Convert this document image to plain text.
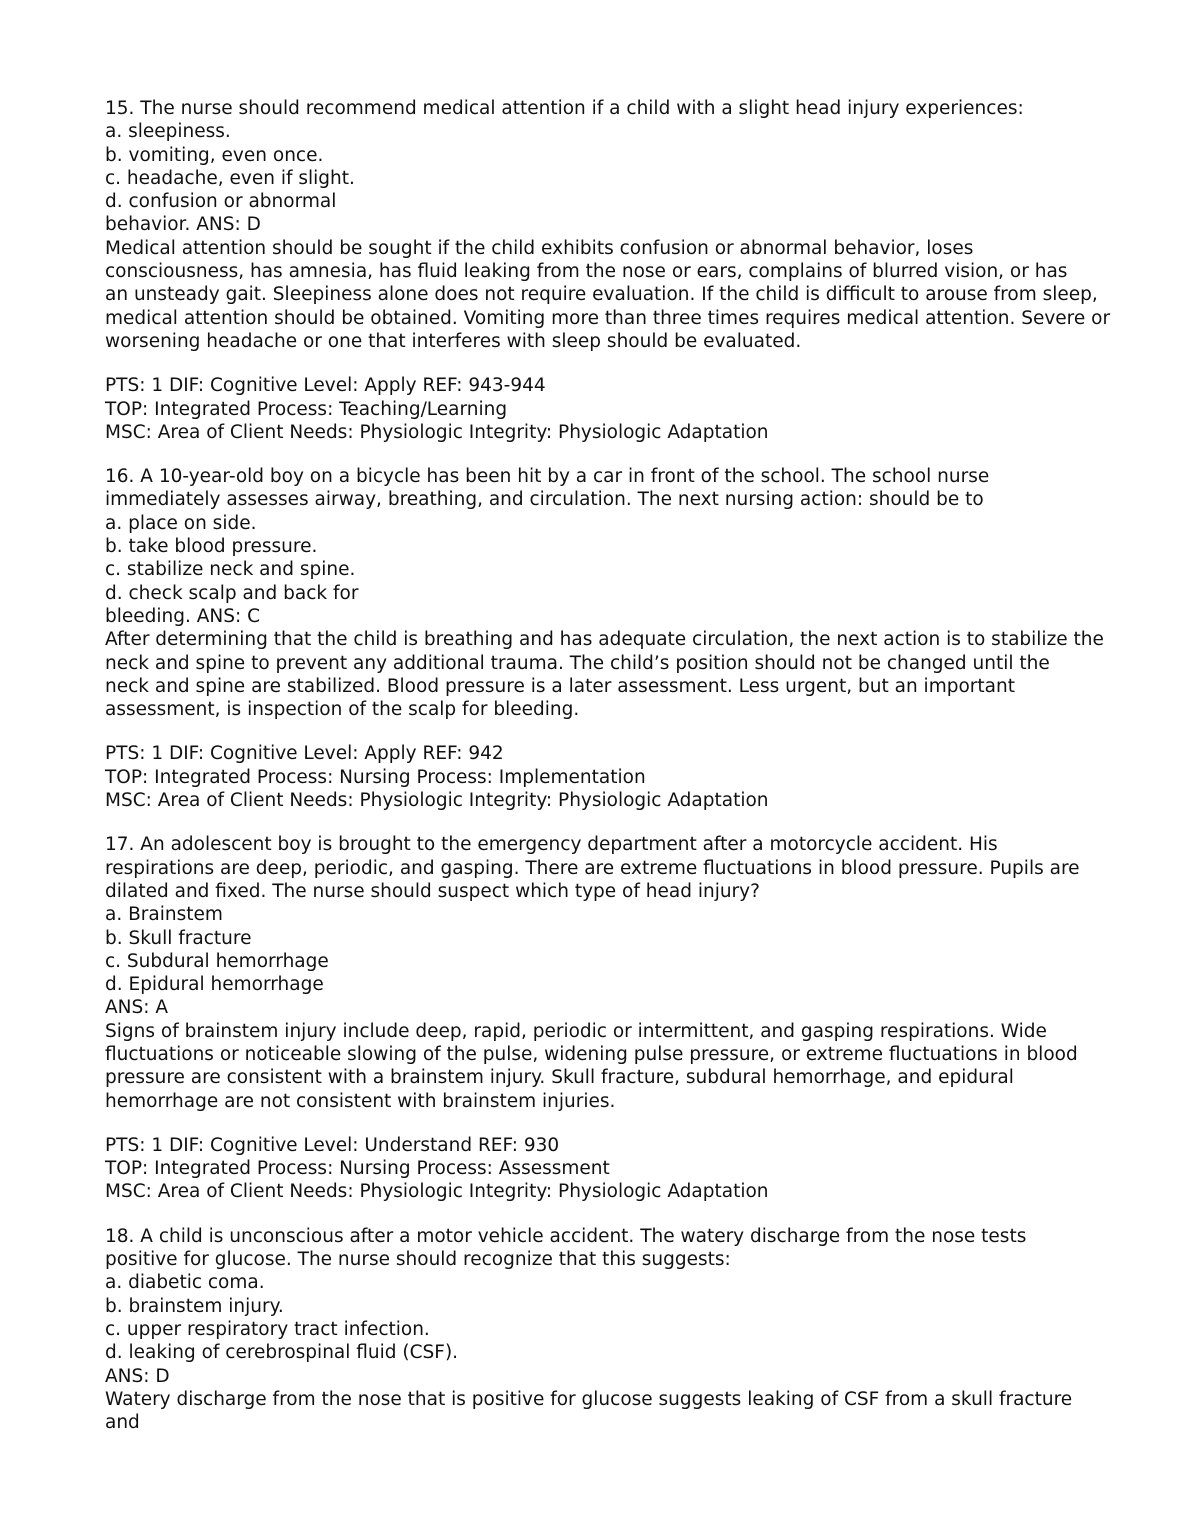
15. The nurse should recommend medical attention if a child with a slight head injury experiences:
a. sleepiness.
b. vomiting, even once.
c. headache, even if slight.
d. confusion or abnormal
behavior. ANS: D
Medical attention should be sought if the child exhibits confusion or abnormal behavior, loses
consciousness, has amnesia, has fluid leaking from the nose or ears, complains of blurred vision, or has
an unsteady gait. Sleepiness alone does not require evaluation. If the child is difficult to arouse from sleep,
medical attention should be obtained. Vomiting more than three times requires medical attention. Severe or
worsening headache or one that interferes with sleep should be evaluated.
PTS: 1 DIF: Cognitive Level: Apply REF: 943-944
TOP: Integrated Process: Teaching/Learning
MSC: Area of Client Needs: Physiologic Integrity: Physiologic Adaptation
16. A 10-year-old boy on a bicycle has been hit by a car in front of the school. The school nurse
immediately assesses airway, breathing, and circulation. The next nursing action: should be to
a. place on side.
b. take blood pressure.
c. stabilize neck and spine.
d. check scalp and back for
bleeding. ANS: C
After determining that the child is breathing and has adequate circulation, the next action is to stabilize the
neck and spine to prevent any additional trauma. The child’s position should not be changed until the
neck and spine are stabilized. Blood pressure is a later assessment. Less urgent, but an important
assessment, is inspection of the scalp for bleeding.
PTS: 1 DIF: Cognitive Level: Apply REF: 942
TOP: Integrated Process: Nursing Process: Implementation
MSC: Area of Client Needs: Physiologic Integrity: Physiologic Adaptation
17. An adolescent boy is brought to the emergency department after a motorcycle accident. His
respirations are deep, periodic, and gasping. There are extreme fluctuations in blood pressure. Pupils are
dilated and fixed. The nurse should suspect which type of head injury?
a. Brainstem
b. Skull fracture
c. Subdural hemorrhage
d. Epidural hemorrhage
ANS: A
Signs of brainstem injury include deep, rapid, periodic or intermittent, and gasping respirations. Wide
fluctuations or noticeable slowing of the pulse, widening pulse pressure, or extreme fluctuations in blood
pressure are consistent with a brainstem injury. Skull fracture, subdural hemorrhage, and epidural
hemorrhage are not consistent with brainstem injuries.
PTS: 1 DIF: Cognitive Level: Understand REF: 930
TOP: Integrated Process: Nursing Process: Assessment
MSC: Area of Client Needs: Physiologic Integrity: Physiologic Adaptation
18. A child is unconscious after a motor vehicle accident. The watery discharge from the nose tests
positive for glucose. The nurse should recognize that this suggests:
a. diabetic coma.
b. brainstem injury.
c. upper respiratory tract infection.
d. leaking of cerebrospinal fluid (CSF).
ANS: D
Watery discharge from the nose that is positive for glucose suggests leaking of CSF from a skull fracture
and
